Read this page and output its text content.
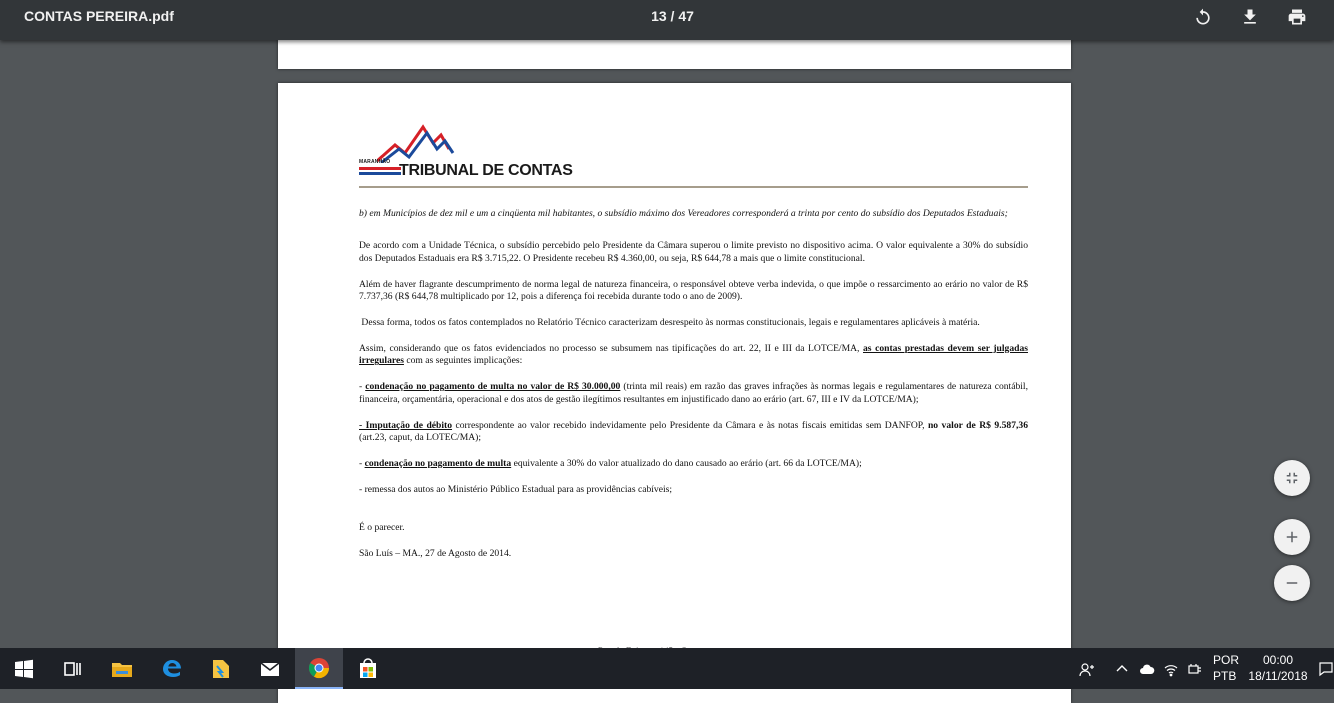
CONTAS PEREIRA.pdf	13 / 47
MARANHÃO TRIBUNAL DE CONTAS

b) em Municípios de dez mil e um a cinqüenta mil habitantes, o subsídio máximo dos Vereadores corresponderá a trinta por cento do subsídio dos Deputados Estaduais;

De acordo com a Unidade Técnica, o subsídio percebido pelo Presidente da Câmara superou o limite previsto no dispositivo acima. O valor equivalente a 30% do subsídio dos Deputados Estaduais era R$ 3.715,22. O Presidente recebeu R$ 4.360,00, ou seja, R$ 644,78 a mais que o limite constitucional.

Além de haver flagrante descumprimento de norma legal de natureza financeira, o responsável obteve verba indevida, o que impõe o ressarcimento ao erário no valor de R$ 7.737,36 (R$ 644,78 multiplicado por 12, pois a diferença foi recebida durante todo o ano de 2009).

Dessa forma, todos os fatos contemplados no Relatório Técnico caracterizam desrespeito às normas constitucionais, legais e regulamentares aplicáveis à matéria.

Assim, considerando que os fatos evidenciados no processo se subsumem nas tipificações do art. 22, II e III da LOTCE/MA, as contas prestadas devem ser julgadas irregulares com as seguintes implicações:

- condenação no pagamento de multa no valor de R$ 30.000,00 (trinta mil reais) em razão das graves infrações às normas legais e regulamentares de natureza contábil, financeira, orçamentária, operacional e dos atos de gestão ilegítimos resultantes em injustificado dano ao erário (art. 67, III e IV da LOTCE/MA);

- Imputação de débito correspondente ao valor recebido indevidamente pelo Presidente da Câmara e às notas fiscais emitidas sem DANFOP, no valor de R$ 9.587,36 (art.23, caput, da LOTEC/MA);

- condenação no pagamento de multa equivalente a 30% do valor atualizado do dano causado ao erário (art. 66 da LOTCE/MA);

- remessa dos autos ao Ministério Público Estadual para as providências cabíveis;

É o parecer.

São Luís – MA., 27 de Agosto de 2014.

POR
PTB
00:00
18/11/2018
